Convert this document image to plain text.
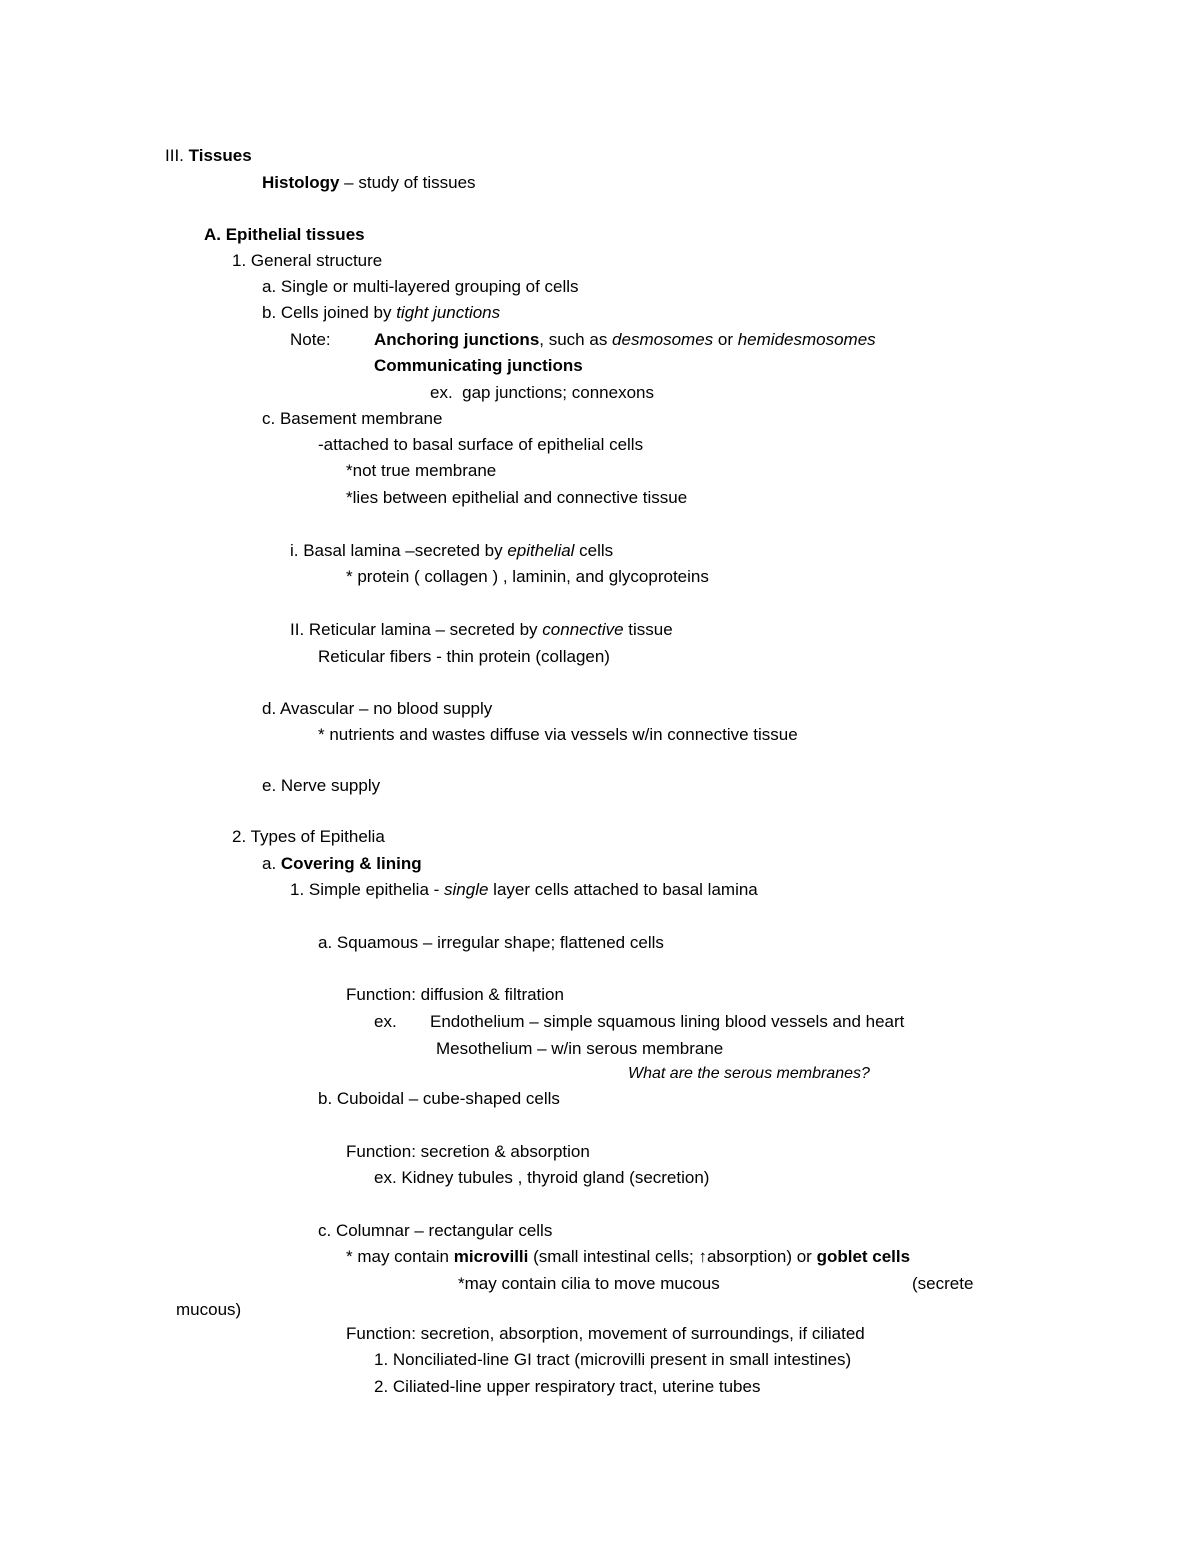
III. Tissues
Histology – study of tissues
A. Epithelial tissues
1. General structure
a. Single or multi-layered grouping of cells
b. Cells joined by tight junctions
Note:	Anchoring junctions, such as desmosomes or hemidesmosomes
Communicating junctions
ex.  gap junctions; connexons
c. Basement membrane
-attached to basal surface of epithelial cells
*not true membrane
*lies between epithelial and connective tissue
i. Basal lamina –secreted by epithelial cells
* protein ( collagen ) , laminin, and glycoproteins
II. Reticular lamina – secreted by connective tissue
Reticular fibers - thin protein (collagen)
d. Avascular – no blood supply
* nutrients and wastes diffuse via vessels w/in connective tissue
e. Nerve supply
2. Types of Epithelia
a. Covering & lining
1. Simple epithelia - single layer cells attached to basal lamina
a. Squamous – irregular shape; flattened cells
Function: diffusion & filtration
ex. Endothelium – simple squamous lining blood vessels and heart
Mesothelium – w/in serous membrane
What are the serous membranes?
b. Cuboidal – cube-shaped cells
Function: secretion & absorption
ex. Kidney tubules , thyroid gland (secretion)
c. Columnar – rectangular cells
* may contain microvilli (small intestinal cells; ↑absorption) or goblet cells
*may contain cilia to move mucous	(secrete
mucous)
Function: secretion, absorption, movement of surroundings, if ciliated
1. Nonciliated-line GI tract (microvilli present in small intestines)
2. Ciliated-line upper respiratory tract, uterine tubes
